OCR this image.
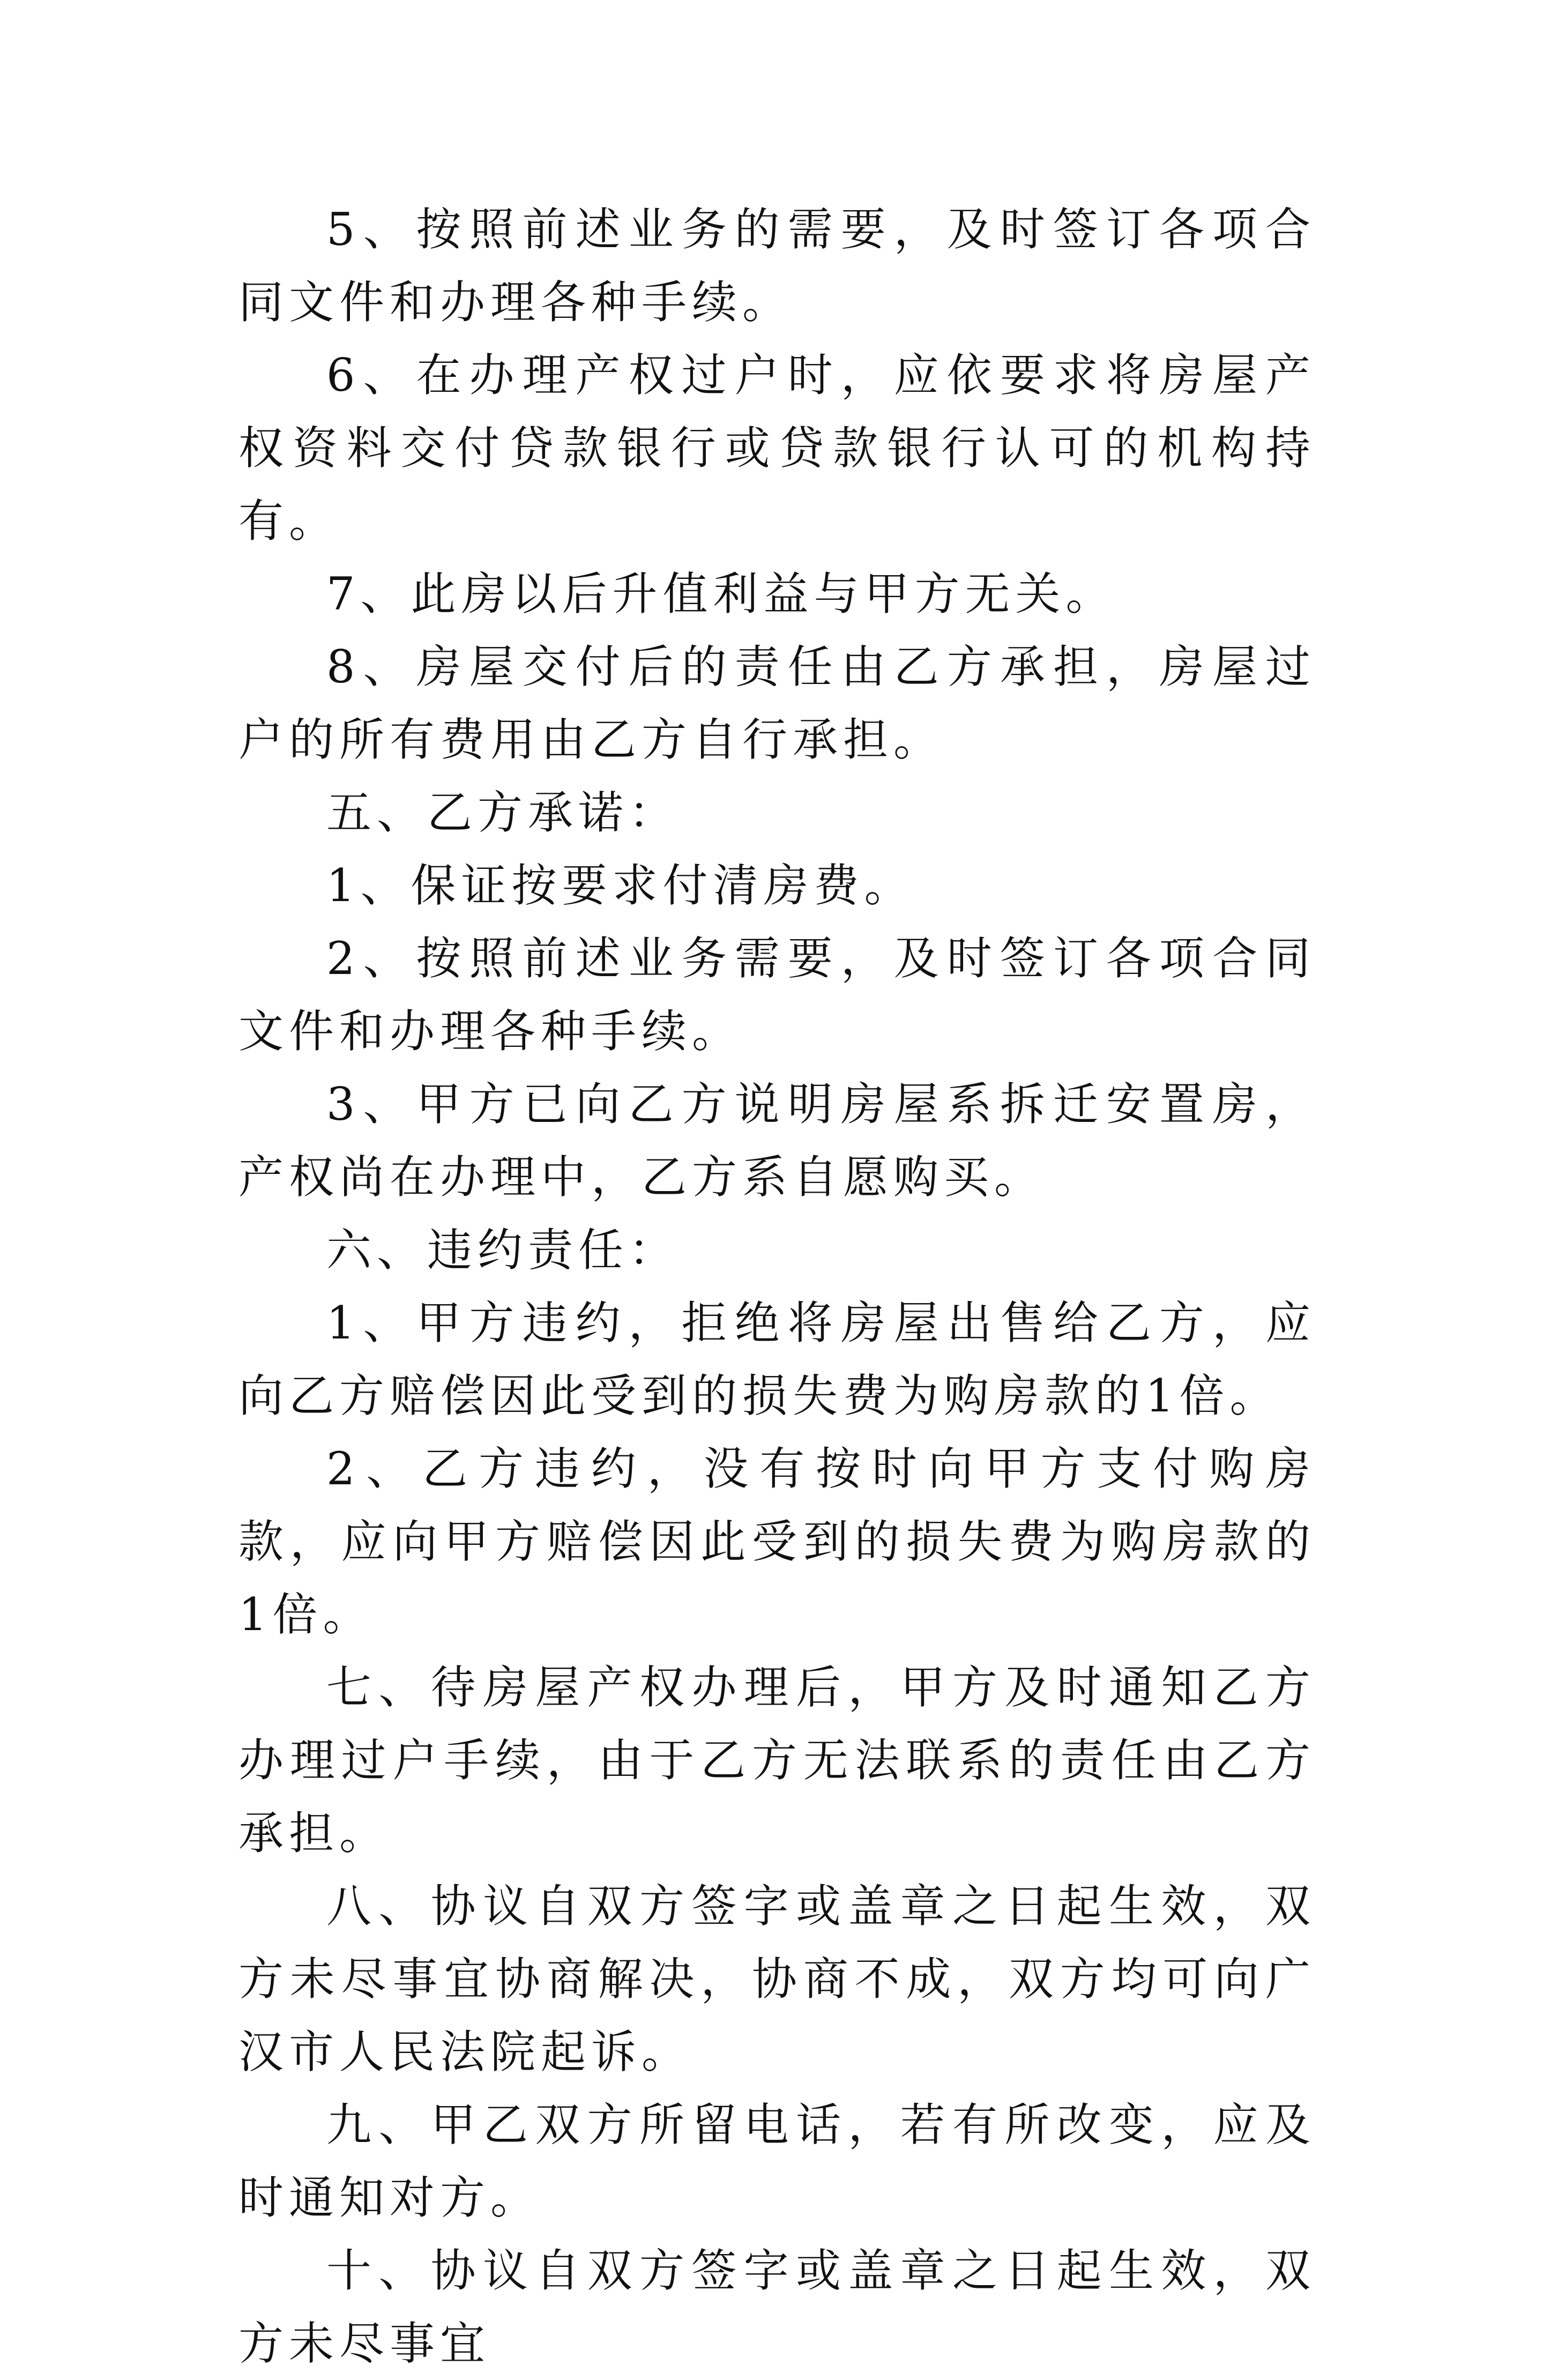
5、按照前述业务的需要，及时签订各项合同文件和办理各种手续。

6、在办理产权过户时，应依要求将房屋产权资料交付贷款银行或贷款银行认可的机构持有。

7、此房以后升值利益与甲方无关。

8、房屋交付后的责任由乙方承担，房屋过户的所有费用由乙方自行承担。

五、乙方承诺：

1、保证按要求付清房费。

2、按照前述业务需要，及时签订各项合同文件和办理各种手续。

3、甲方已向乙方说明房屋系拆迁安置房，产权尚在办理中，乙方系自愿购买。

六、违约责任：

1、甲方违约，拒绝将房屋出售给乙方，应向乙方赔偿因此受到的损失费为购房款的1倍。

2、乙方违约，没有按时向甲方支付购房款，应向甲方赔偿因此受到的损失费为购房款的1倍。

七、待房屋产权办理后，甲方及时通知乙方办理过户手续，由于乙方无法联系的责任由乙方承担。

八、协议自双方签字或盖章之日起生效，双方未尽事宜协商解决，协商不成，双方均可向广汉市人民法院起诉。

九、甲乙双方所留电话，若有所改变，应及时通知对方。

十、协议自双方签字或盖章之日起生效，双方未尽事宜
